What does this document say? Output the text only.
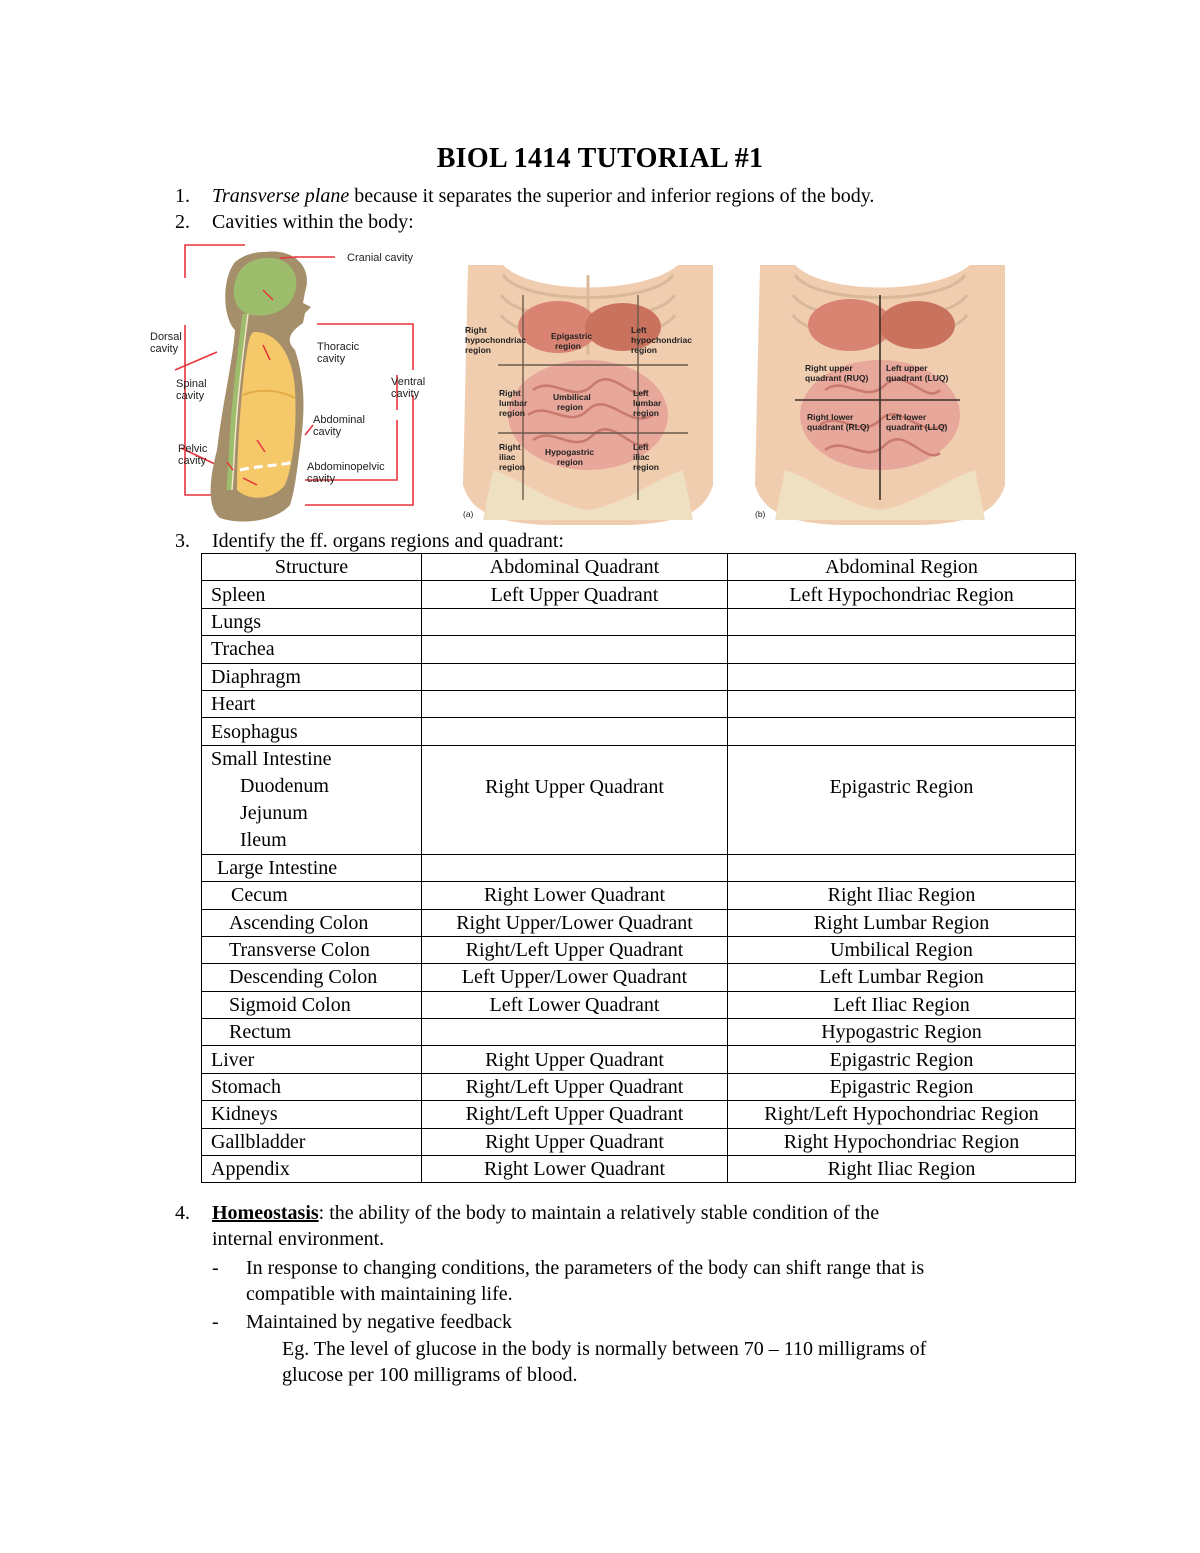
BIOL 1414 TUTORIAL #1
1. Transverse plane because it separates the superior and inferior regions of the body.
2. Cavities within the body:
Cranial cavity
Dorsal
cavity	Thoracic
cavity
Ventral
cavity
Spinal
cavity
Abdominal
cavity
Pelvic
cavity	Abdominopelvic
cavity
Right
hypochondriac
region
Epigastric
region
Left
hypochondriac
region
Right
lumbar
region
Umbilical
region
Left
lumbar
region
Right
iliac
region
Hypogastric
region
Left
iliac
region
(a)
Right upper
quadrant (RUQ)
Left upper
quadrant (LUQ)
Right lower
quadrant (RLQ)
Left lower
quadrant (LLQ)
(b)
3. Identify the ff. organs regions and quadrant:
Structure	Abdominal Quadrant	Abdominal Region
Spleen	Left Upper Quadrant	Left Hypochondriac Region
Lungs		
Trachea		
Diaphragm		
Heart		
Esophagus		

Small Intestine
Duodenum
Jejunum
Ileum	Right Upper Quadrant	Epigastric Region
Large Intestine		
Cecum	Right Lower Quadrant	Right Iliac Region
Ascending Colon	Right Upper/Lower Quadrant	Right Lumbar Region
Transverse Colon	Right/Left Upper Quadrant	Umbilical Region
Descending Colon	Left Upper/Lower Quadrant	Left Lumbar Region
Sigmoid Colon	Left Lower Quadrant	Left Iliac Region
Rectum		Hypogastric Region
Liver	Right Upper Quadrant	Epigastric Region
Stomach	Right/Left Upper Quadrant	Epigastric Region
Kidneys	Right/Left Upper Quadrant	Right/Left Hypochondriac Region
Gallbladder	Right Upper Quadrant	Right Hypochondriac Region
Appendix	Right Lower Quadrant	Right Iliac Region
4. Homeostasis: the ability of the body to maintain a relatively stable condition of the
internal environment.
- In response to changing conditions, the parameters of the body can shift range that is
compatible with maintaining life.
- Maintained by negative feedback
Eg. The level of glucose in the body is normally between 70 – 110 milligrams of
glucose per 100 milligrams of blood.
